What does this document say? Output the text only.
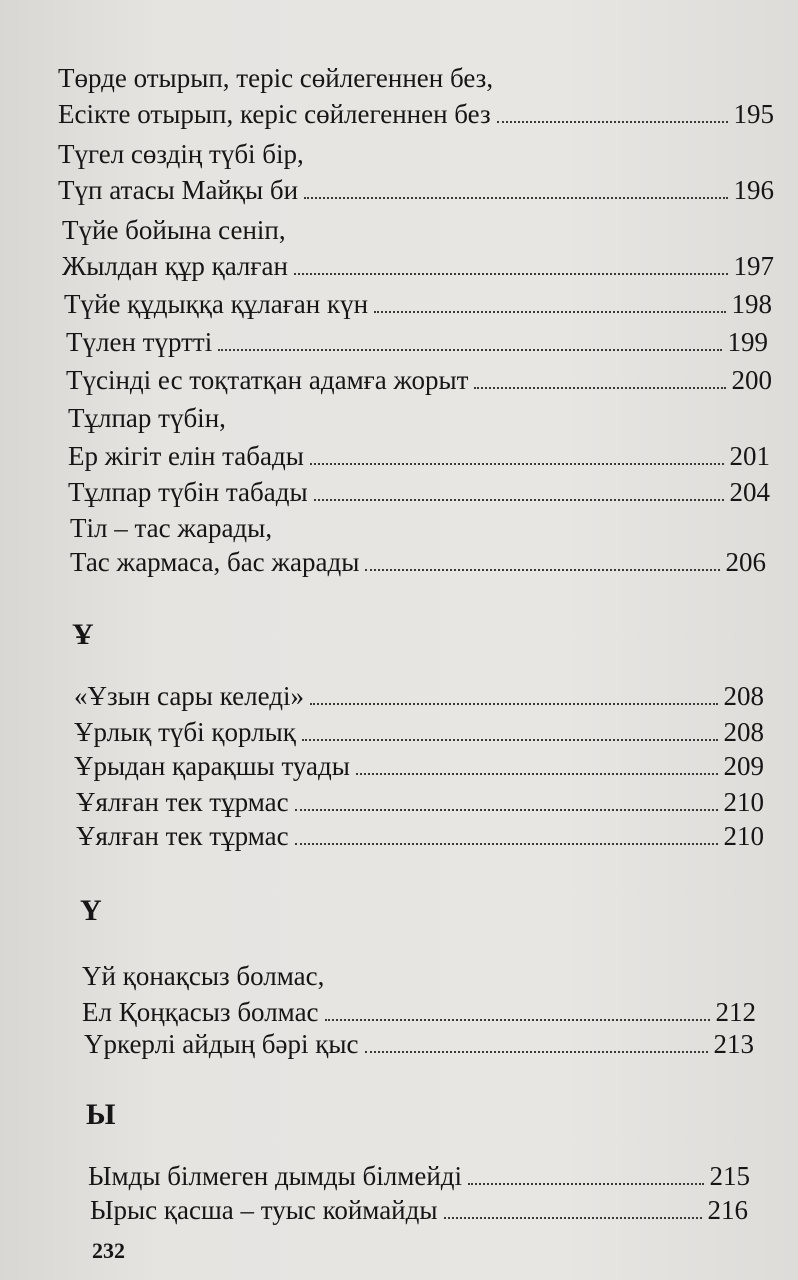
Төрде отырып, теріс сөйлегеннен без,
Есікте отырып, керіс сөйлегеннен без	195
Түгел сөздің түбі бір,
Түп атасы Майқы би	196
Түйе бойына сеніп,
Жылдан құр қалған	197
Түйе құдыққа құлаған күн	198
Түлен түртті	199
Түсінді ес тоқтатқан адамға жорыт	200
Тұлпар түбін,
Ер жігіт елін табады	201
Тұлпар түбін табады	204
Тіл – тас жарады,
Тас жармаса, бас жарады	206
Ұ
«Ұзын сары келеді»	208
Ұрлық түбі қорлық	208
Ұрыдан қарақшы туады	209
Ұялған тек тұрмас	210
Ұялған тек тұрмас	210
Ү
Үй қонақсыз болмас,
Ел Қоңқасыз болмас	212
Үркерлі айдың бәрі қыс	213
Ы
Ымды білмеген дымды білмейді	215
Ырыс қасша – туыс коймайды	216
232
